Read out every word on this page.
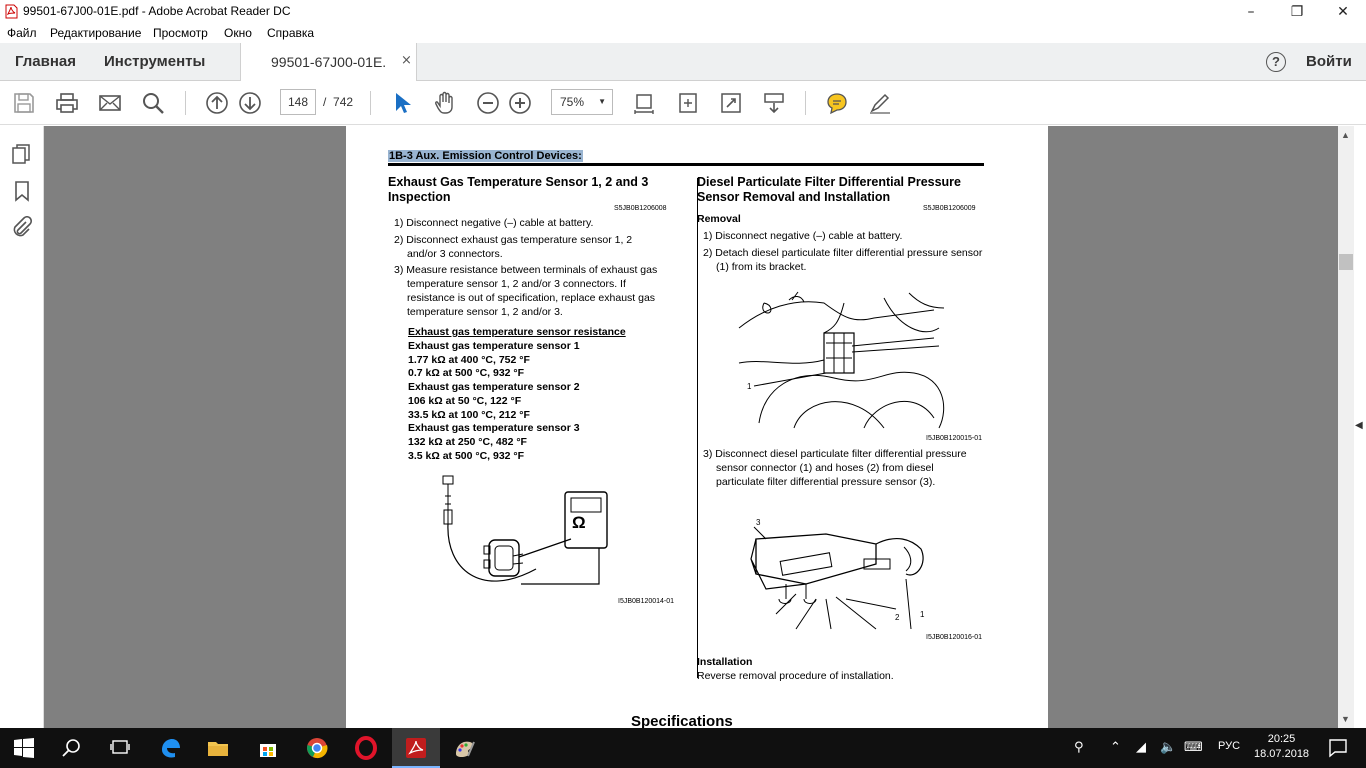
99501-67J00-01E.pdf - Adobe Acrobat Reader DC	–	❐	✕
Файл Редактирование Просмотр Окно Справка
Главная Инструменты	99501-67J00-01E. ×	?	Войти
148	/ 742	75% ▼
1B-3 Aux. Emission Control Devices:
Exhaust Gas Temperature Sensor 1, 2 and 3 Inspection
S5JB0B1206008
1) Disconnect negative (–) cable at battery.
2) Disconnect exhaust gas temperature sensor 1, 2 and/or 3 connectors.
3) Measure resistance between terminals of exhaust gas temperature sensor 1, 2 and/or 3 connectors. If resistance is out of specification, replace exhaust gas temperature sensor 1, 2 and/or 3.
Exhaust gas temperature sensor resistance
Exhaust gas temperature sensor 1
1.77 kΩ at 400 °C, 752 °F
0.7 kΩ at 500 °C, 932 °F
Exhaust gas temperature sensor 2
106 kΩ at 50 °C, 122 °F
33.5 kΩ at 100 °C, 212 °F
Exhaust gas temperature sensor 3
132 kΩ at 250 °C, 482 °F
3.5 kΩ at 500 °C, 932 °F
Ω
I5JB0B120014-01
Diesel Particulate Filter Differential Pressure Sensor Removal and Installation
S5JB0B1206009
Removal
1) Disconnect negative (–) cable at battery.
2) Detach diesel particulate filter differential pressure sensor (1) from its bracket.
1
I5JB0B120015-01
3) Disconnect diesel particulate filter differential pressure sensor connector (1) and hoses (2) from diesel particulate filter differential pressure sensor (3).
3
2	1
I5JB0B120016-01
Installation
Reverse removal procedure of installation.
Specifications
▲
▼
◀
⚲ ⌃ ◢ 🔈 ⌨ РУС
20:25
18.07.2018
